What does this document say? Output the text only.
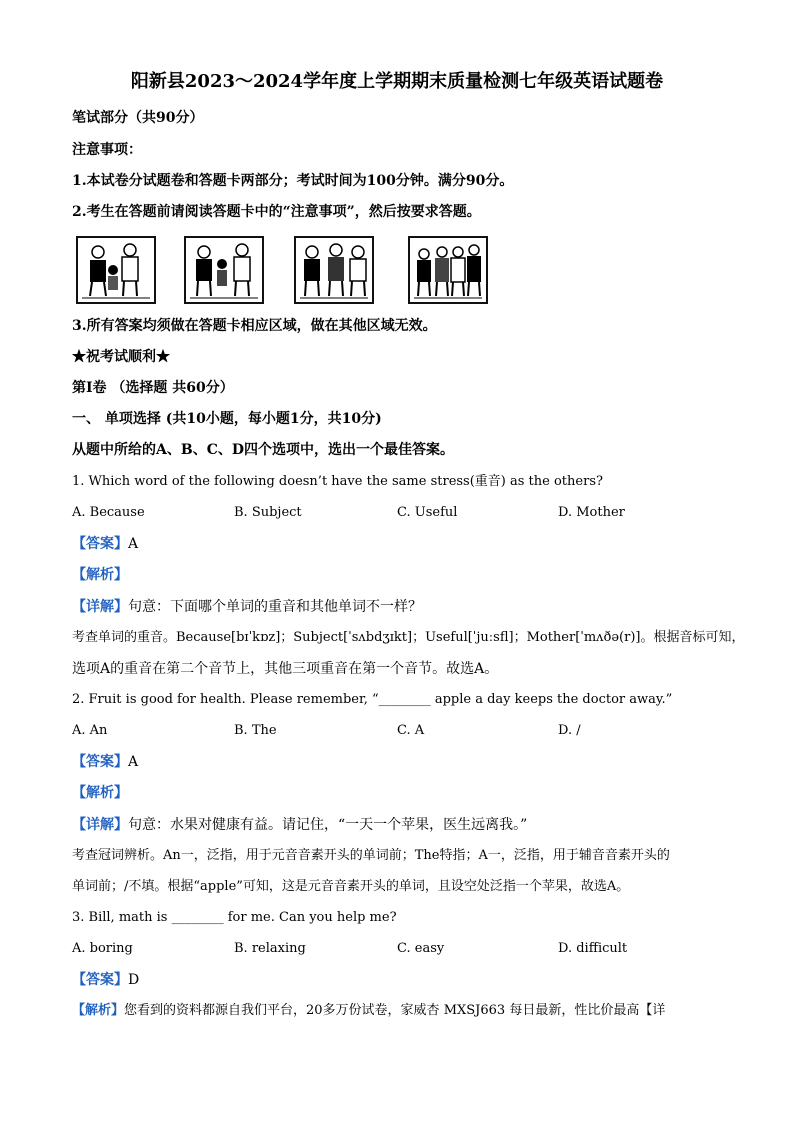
阳新县2023～2024学年度上学期期末质量检测七年级英语试题卷
笔试部分（共90分）
注意事项：
1.本试卷分试题卷和答题卡两部分；考试时间为100分钟。满分90分。
2.考生在答题前请阅读答题卡中的“注意事项”，然后按要求答题。
3.所有答案均须做在答题卡相应区域，做在其他区域无效。
★祝考试顺利★
第I卷 （选择题 共60分）
一、 单项选择 (共10小题，每小题1分，共10分)
从题中所给的A、B、C、D四个选项中，选出一个最佳答案。
1. Which word of the following doesn’t have the same stress(重音) as the others?
A. Because	B. Subject	C. Useful	D. Mother
【答案】A
【解析】
【详解】句意：下面哪个单词的重音和其他单词不一样？
考查单词的重音。Because[bɪˈkɒz]；Subject[ˈsʌbdʒɪkt]；Useful[ˈjuːsfl]；Mother[ˈmʌðə(r)]。根据音标可知，
选项A的重音在第二个音节上，其他三项重音在第一个音节。故选A。
2. Fruit is good for health. Please remember, “________ apple a day keeps the doctor away.”
A. An	B. The	C. A	D. /
【答案】A
【解析】
【详解】句意：水果对健康有益。请记住，“一天一个苹果，医生远离我。”
考查冠词辨析。An一，泛指，用于元音音素开头的单词前；The特指；A一，泛指，用于辅音音素开头的
单词前；/不填。根据“apple”可知，这是元音音素开头的单词，且设空处泛指一个苹果，故选A。
3. Bill, math is ________ for me. Can you help me?
A. boring	B. relaxing	C. easy	D. difficult
【答案】D
【解析】您看到的资料都源自我们平台，20多万份试卷，家威杏 MXSJ663 每日最新，性比价最高【详
